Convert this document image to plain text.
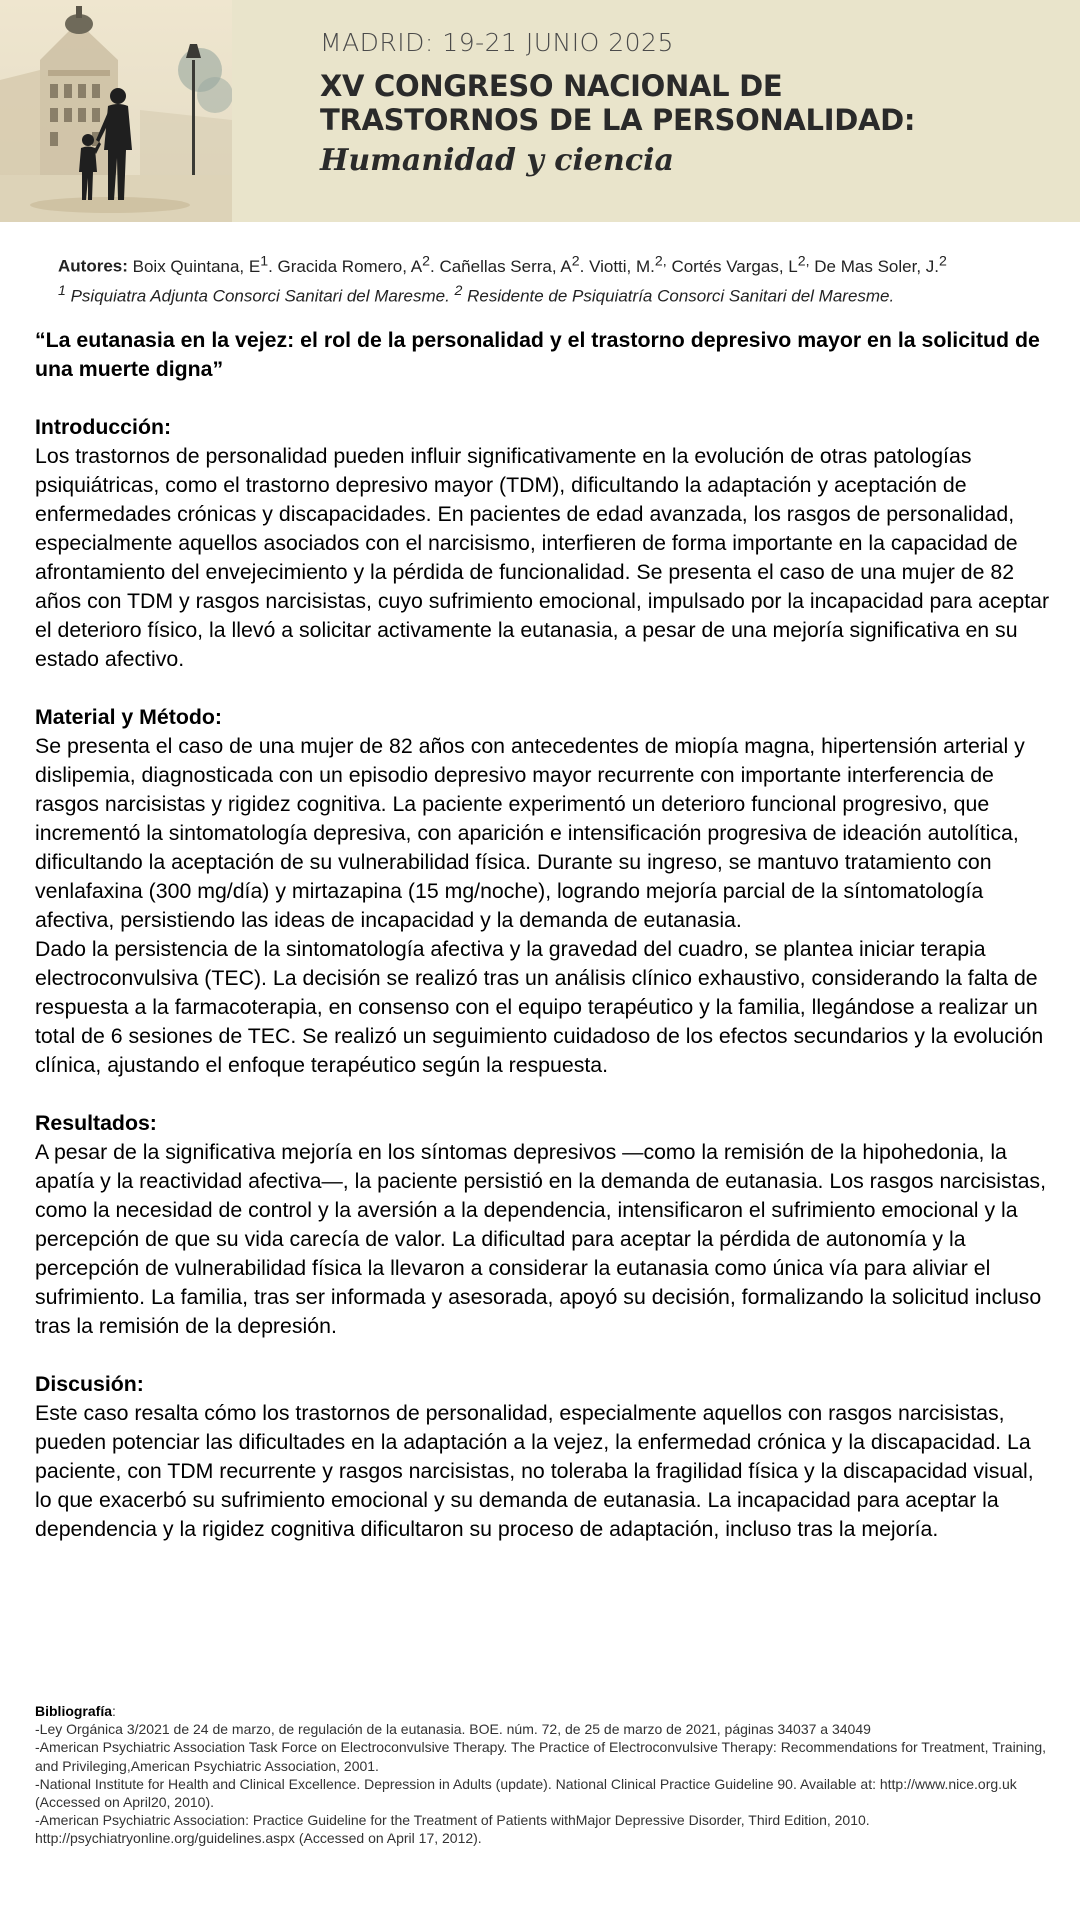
MADRID: 19-21 JUNIO 2025
XV CONGRESO NACIONAL DE
TRASTORNOS DE LA PERSONALIDAD:
Humanidad y ciencia
Autores: Boix Quintana, $E^1$. Gracida Romero, $A^2$. Cañellas Serra, $A^2$. Viotti, M.$^{2,}$ Cortés Vargas, $L^{2,}$ De Mas Soler, J.$^2$
$^1$ Psiquiatra Adjunta Consorci Sanitari del Maresme. $^2$ Residente de Psiquiatría Consorci Sanitari del Maresme.

“La eutanasia en la vejez: el rol de la personalidad y el trastorno depresivo mayor en la solicitud de una muerte digna”

Introducción:

Los trastornos de personalidad pueden influir significativamente en la evolución de otras patologías psiquiátricas, como el trastorno depresivo mayor (TDM), dificultando la adaptación y aceptación de enfermedades crónicas y discapacidades. En pacientes de edad avanzada, los rasgos de personalidad, especialmente aquellos asociados con el narcisismo, interfieren de forma importante en la capacidad de afrontamiento del envejecimiento y la pérdida de funcionalidad. Se presenta el caso de una mujer de 82 años con TDM y rasgos narcisistas, cuyo sufrimiento emocional, impulsado por la incapacidad para aceptar el deterioro físico, la llevó a solicitar activamente la eutanasia, a pesar de una mejoría significativa en su estado afectivo.

Material y Método:

Se presenta el caso de una mujer de 82 años con antecedentes de miopía magna, hipertensión arterial y dislipemia, diagnosticada con un episodio depresivo mayor recurrente con importante interferencia de rasgos narcisistas y rigidez cognitiva. La paciente experimentó un deterioro funcional progresivo, que incrementó la sintomatología depresiva, con aparición e intensificación progresiva de ideación autolítica, dificultando la aceptación de su vulnerabilidad física. Durante su ingreso, se mantuvo tratamiento con venlafaxina (300 mg/día) y mirtazapina (15 mg/noche), logrando mejoría parcial de la síntomatología afectiva, persistiendo las ideas de incapacidad y la demanda de eutanasia.

Dado la persistencia de la sintomatología afectiva y la gravedad del cuadro, se plantea iniciar terapia electroconvulsiva (TEC). La decisión se realizó tras un análisis clínico exhaustivo, considerando la falta de respuesta a la farmacoterapia, en consenso con el equipo terapéutico y la familia, llegándose a realizar un total de 6 sesiones de TEC. Se realizó un seguimiento cuidadoso de los efectos secundarios y la evolución clínica, ajustando el enfoque terapéutico según la respuesta.

Resultados:

A pesar de la significativa mejoría en los síntomas depresivos —como la remisión de la hipohedonia, la apatía y la reactividad afectiva—, la paciente persistió en la demanda de eutanasia. Los rasgos narcisistas, como la necesidad de control y la aversión a la dependencia, intensificaron el sufrimiento emocional y la percepción de que su vida carecía de valor. La dificultad para aceptar la pérdida de autonomía y la percepción de vulnerabilidad física la llevaron a considerar la eutanasia como única vía para aliviar el sufrimiento. La familia, tras ser informada y asesorada, apoyó su decisión, formalizando la solicitud incluso tras la remisión de la depresión.

Discusión:

Este caso resalta cómo los trastornos de personalidad, especialmente aquellos con rasgos narcisistas, pueden potenciar las dificultades en la adaptación a la vejez, la enfermedad crónica y la discapacidad. La paciente, con TDM recurrente y rasgos narcisistas, no toleraba la fragilidad física y la discapacidad visual, lo que exacerbó su sufrimiento emocional y su demanda de eutanasia. La incapacidad para aceptar la dependencia y la rigidez cognitiva dificultaron su proceso de adaptación, incluso tras la mejoría.

Bibliografía:

-Ley Orgánica 3/2021 de 24 de marzo, de regulación de la eutanasia. BOE. núm. 72, de 25 de marzo de 2021, páginas 34037 a 34049

-American Psychiatric Association Task Force on Electroconvulsive Therapy. The Practice of Electroconvulsive Therapy: Recommendations for Treatment, Training, and Privileging,American Psychiatric Association, 2001.

-National Institute for Health and Clinical Excellence. Depression in Adults (update). National Clinical Practice Guideline 90. Available at: http://www.nice.org.uk (Accessed on April20, 2010).

-American Psychiatric Association: Practice Guideline for the Treatment of Patients withMajor Depressive Disorder, Third Edition, 2010. http://psychiatryonline.org/guidelines.aspx (Accessed on April 17, 2012).
